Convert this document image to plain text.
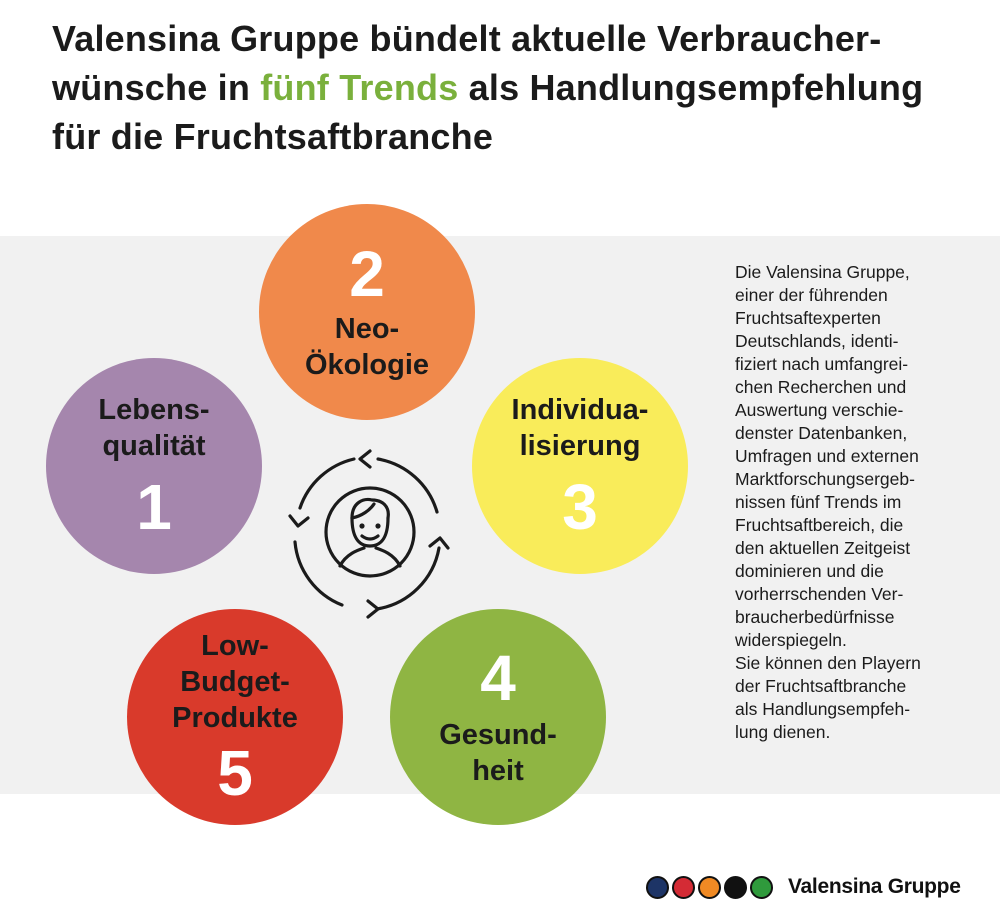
Valensina Gruppe bündelt aktuelle Verbraucher-wünsche in fünf Trends als Handlungsempfehlung für die Fruchtsaftbranche
Lebens-
qualität
1
2
Neo-
Ökologie
Individua-
lisierung
3
4
Gesund-
heit
Low-
Budget-
Produkte
5
Die Valensina Gruppe,
einer der führenden
Fruchtsaftexperten
Deutschlands, identi-
fiziert nach umfangrei-
chen Recherchen und
Auswertung verschie-
denster Datenbanken,
Umfragen und externen
Marktforschungsergeb-
nissen fünf Trends im
Fruchtsaftbereich, die
den aktuellen Zeitgeist
dominieren und die
vorherrschenden Ver-
braucherbedürfnisse
widerspiegeln.
Sie können den Playern
der Fruchtsaftbranche
als Handlungsempfeh-
lung dienen.
Valensina Gruppe
